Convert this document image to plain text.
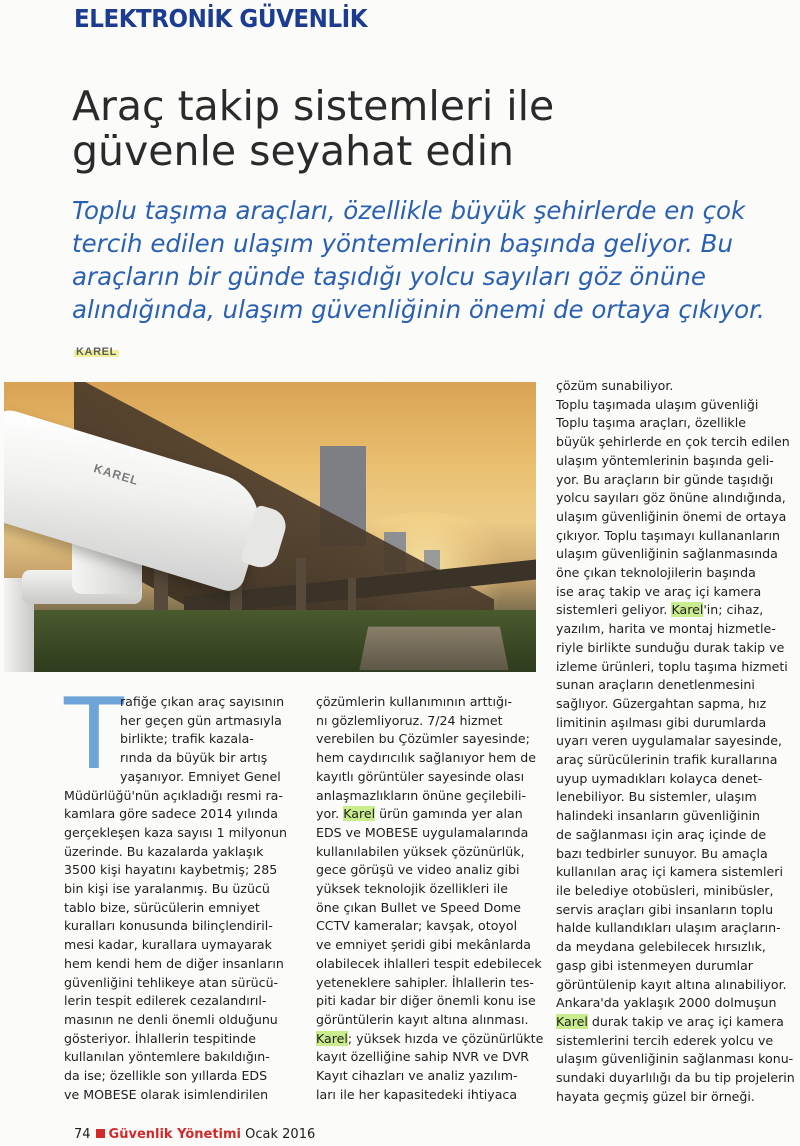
ELEKTRONİK GÜVENLİK
Araç takip sistemleri ile
güvenle seyahat edin
Toplu taşıma araçları, özellikle büyük şehirlerde en çok
tercih edilen ulaşım yöntemlerinin başında geliyor. Bu
araçların bir günde taşıdığı yolcu sayıları göz önüne
alındığında, ulaşım güvenliğinin önemi de ortaya çıkıyor.
KAREL
KAREL
T
rafiğe çıkan araç sayısının
her geçen gün artmasıyla
birlikte; trafik kazala-
rında da büyük bir artış
yaşanıyor. Emniyet Genel
Müdürlüğü'nün açıkladığı resmi ra-
kamlara göre sadece 2014 yılında
gerçekleşen kaza sayısı 1 milyonun
üzerinde. Bu kazalarda yaklaşık
3500 kişi hayatını kaybetmiş; 285
bin kişi ise yaralanmış. Bu üzücü
tablo bize, sürücülerin emniyet
kuralları konusunda bilinçlendiril-
mesi kadar, kurallara uymayarak
hem kendi hem de diğer insanların
güvenliğini tehlikeye atan sürücü-
lerin tespit edilerek cezalandırıl-
masının ne denli önemli olduğunu
gösteriyor. İhlallerin tespitinde
kullanılan yöntemlere bakıldığın-
da ise; özellikle son yıllarda EDS
ve MOBESE olarak isimlendirilen
çözümlerin kullanımının arttığı-
nı gözlemliyoruz. 7/24 hizmet
verebilen bu Çözümler sayesinde;
hem caydırıcılık sağlanıyor hem de
kayıtlı görüntüler sayesinde olası
anlaşmazlıkların önüne geçilebili-
yor. Karel ürün gamında yer alan
EDS ve MOBESE uygulamalarında
kullanılabilen yüksek çözünürlük,
gece görüşü ve video analiz gibi
yüksek teknolojik özellikleri ile
öne çıkan Bullet ve Speed Dome
CCTV kameralar; kavşak, otoyol
ve emniyet şeridi gibi mekânlarda
olabilecek ihlalleri tespit edebilecek
yeteneklere sahipler. İhlallerin tes-
piti kadar bir diğer önemli konu ise
görüntülerin kayıt altına alınması.
Karel; yüksek hızda ve çözünürlükte
kayıt özelliğine sahip NVR ve DVR
Kayıt cihazları ve analiz yazılım-
ları ile her kapasitedeki ihtiyaca
çözüm sunabiliyor.
Toplu taşımada ulaşım güvenliği
Toplu taşıma araçları, özellikle
büyük şehirlerde en çok tercih edilen
ulaşım yöntemlerinin başında geli-
yor. Bu araçların bir günde taşıdığı
yolcu sayıları göz önüne alındığında,
ulaşım güvenliğinin önemi de ortaya
çıkıyor. Toplu taşımayı kullananların
ulaşım güvenliğinin sağlanmasında
öne çıkan teknolojilerin başında
ise araç takip ve araç içi kamera
sistemleri geliyor. Karel'in; cihaz,
yazılım, harita ve montaj hizmetle-
riyle birlikte sunduğu durak takip ve
izleme ürünleri, toplu taşıma hizmeti
sunan araçların denetlenmesini
sağlıyor. Güzergahtan sapma, hız
limitinin aşılması gibi durumlarda
uyarı veren uygulamalar sayesinde,
araç sürücülerinin trafik kurallarına
uyup uymadıkları kolayca denet-
lenebiliyor. Bu sistemler, ulaşım
halindeki insanların güvenliğinin
de sağlanması için araç içinde de
bazı tedbirler sunuyor. Bu amaçla
kullanılan araç içi kamera sistemleri
ile belediye otobüsleri, minibüsler,
servis araçları gibi insanların toplu
halde kullandıkları ulaşım araçların-
da meydana gelebilecek hırsızlık,
gasp gibi istenmeyen durumlar
görüntülenip kayıt altına alınabiliyor.
Ankara'da yaklaşık 2000 dolmuşun
Karel durak takip ve araç içi kamera
sistemlerini tercih ederek yolcu ve
ulaşım güvenliğinin sağlanması konu-
sundaki duyarlılığı da bu tip projelerin
hayata geçmiş güzel bir örneği.
74 Güvenlik Yönetimi Ocak 2016
